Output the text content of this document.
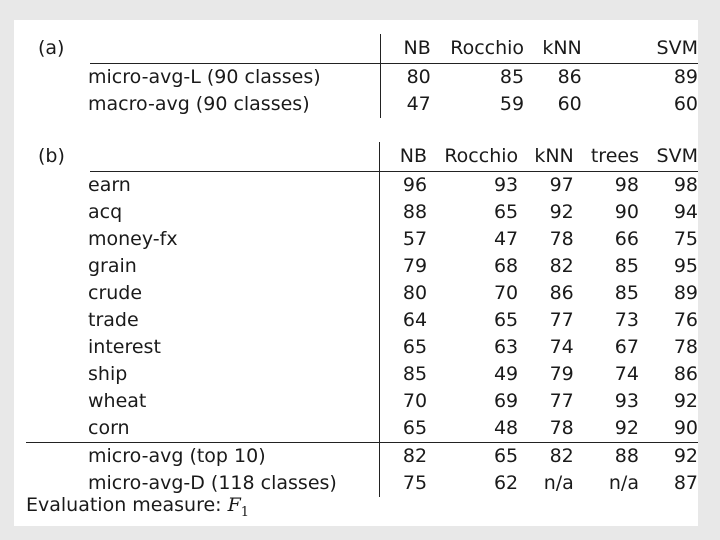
(a)	NB	Rocchio	kNN		SVM
micro-avg-L (90 classes)	80	85	86		89
macro-avg (90 classes)	47	59	60		60
(b)	NB	Rocchio	kNN	trees	SVM
earn	96	93	97	98	98
acq	88	65	92	90	94
money-fx	57	47	78	66	75
grain	79	68	82	85	95
crude	80	70	86	85	89
trade	64	65	77	73	76
interest	65	63	74	67	78
ship	85	49	79	74	86
wheat	70	69	77	93	92
corn	65	48	78	92	90
micro-avg (top 10)	82	65	82	88	92
micro-avg-D (118 classes)	75	62	n/a	n/a	87
Evaluation measure: $F_1$
